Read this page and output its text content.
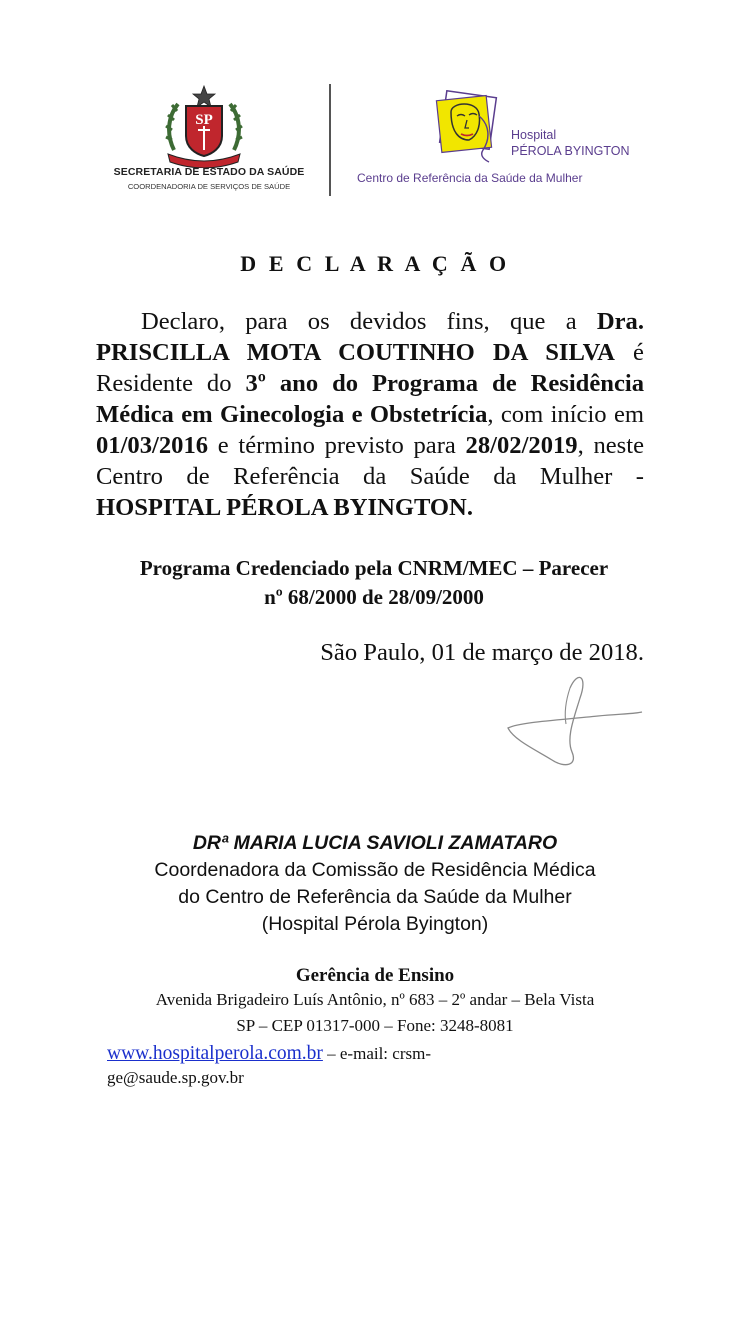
SP
SECRETARIA DE ESTADO DA SAÚDE
COORDENADORIA DE SERVIÇOS DE SAÚDE
Hospital
PÉROLA BYINGTON
Centro de Referência da Saúde da Mulher
D E C L A R A Ç Ã O
Declaro, para os devidos fins, que a Dra. PRISCILLA MOTA COUTINHO DA SILVA é Residente do 3º ano do Programa de Residência Médica em Ginecologia e Obstetrícia, com início em 01/03/2016 e término previsto para 28/02/2019, neste Centro de Referência da Saúde da Mulher - HOSPITAL PÉROLA BYINGTON.
Programa Credenciado pela CNRM/MEC – Parecer
nº 68/2000 de 28/09/2000
São Paulo, 01 de março de 2018.
DRª MARIA LUCIA SAVIOLI ZAMATARO
Coordenadora da Comissão de Residência Médica
do Centro de Referência da Saúde da Mulher
(Hospital Pérola Byington)
Gerência de Ensino
Avenida Brigadeiro Luís Antônio, nº 683 – 2º andar – Bela Vista
SP – CEP 01317-000 – Fone: 3248-8081
www.hospitalperola.com.br – e-mail: crsm-
ge@saude.sp.gov.br
